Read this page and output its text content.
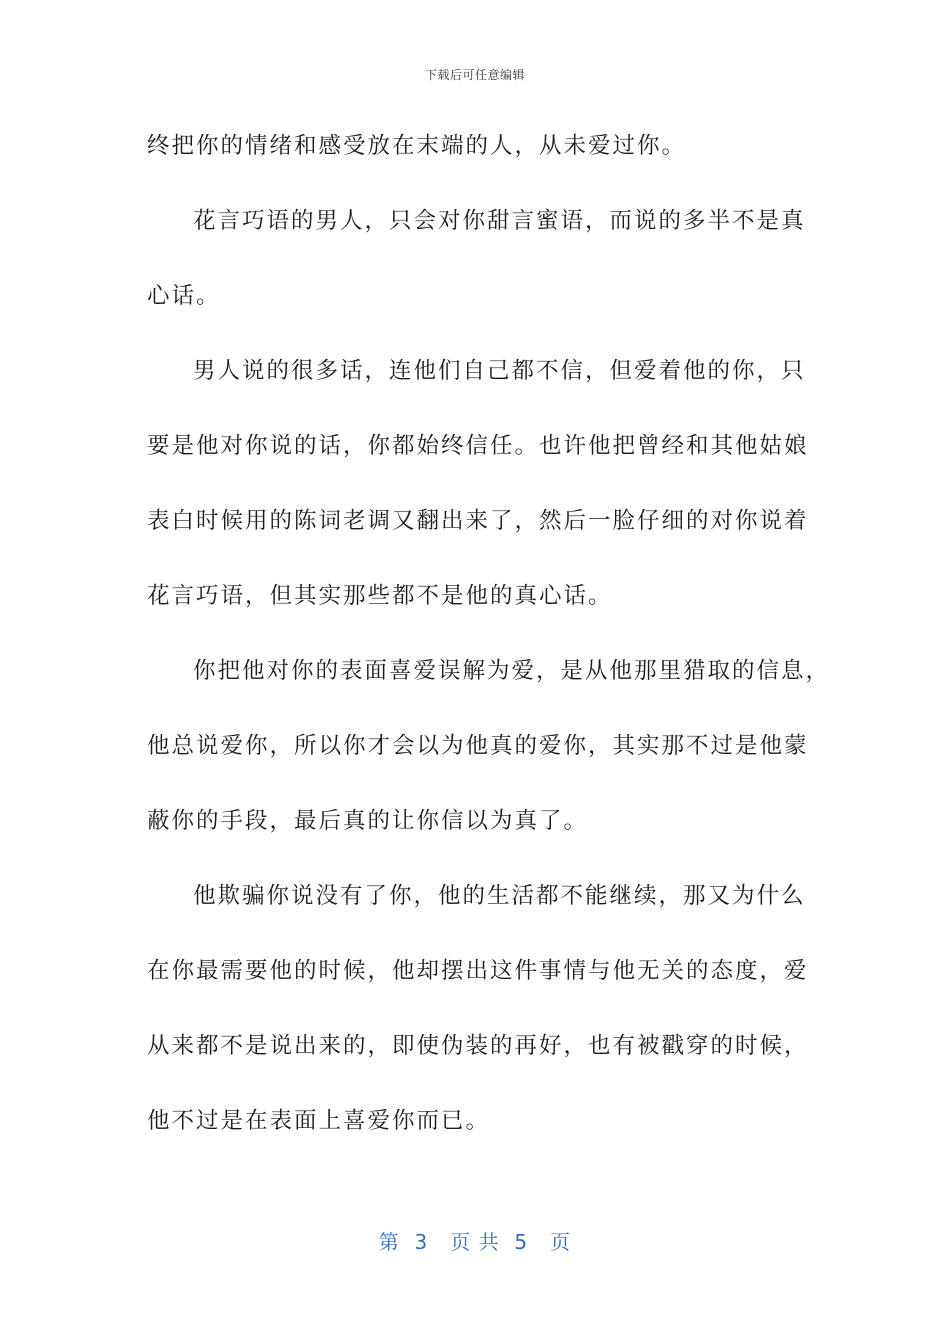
下载后可任意编辑
终把你的情绪和感受放在末端的人，从未爱过你。
花言巧语的男人，只会对你甜言蜜语，而说的多半不是真
心话。
男人说的很多话，连他们自己都不信，但爱着他的你，只
要是他对你说的话，你都始终信任。也许他把曾经和其他姑娘
表白时候用的陈词老调又翻出来了，然后一脸仔细的对你说着
花言巧语，但其实那些都不是他的真心话。
你把他对你的表面喜爱误解为爱，是从他那里猎取的信息，
他总说爱你，所以你才会以为他真的爱你，其实那不过是他蒙
蔽你的手段，最后真的让你信以为真了。
他欺骗你说没有了你，他的生活都不能继续，那又为什么
在你最需要他的时候，他却摆出这件事情与他无关的态度，爱
从来都不是说出来的，即使伪装的再好，也有被戳穿的时候，
他不过是在表面上喜爱你而已。
第  3   页 共  5   页
